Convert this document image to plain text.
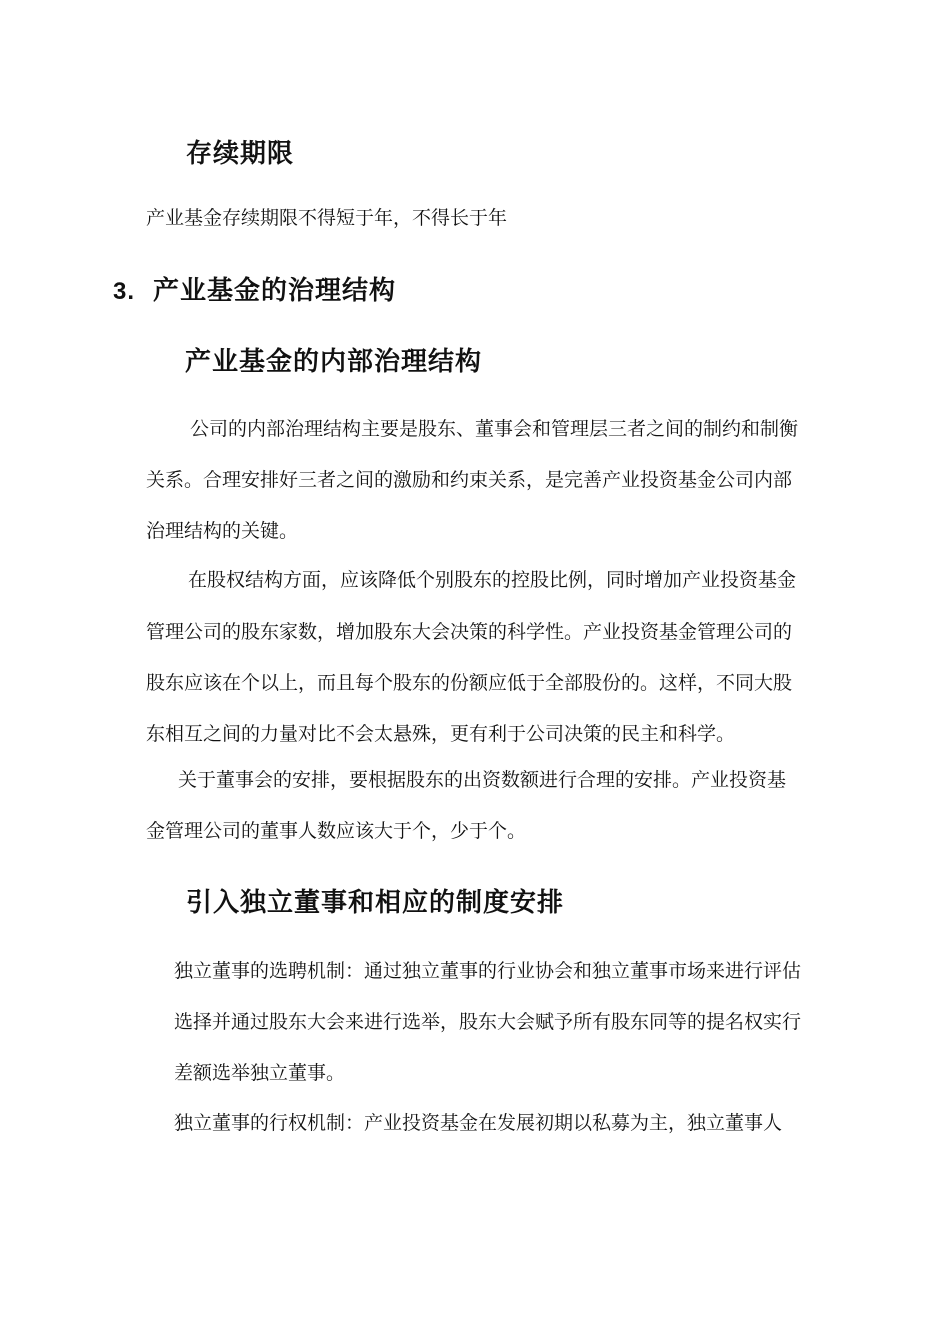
存续期限

产业基金存续期限不得短于年，不得长于年

3. 产业基金的治理结构
产业基金的内部治理结构
公司的内部治理结构主要是股东、董事会和管理层三者之间的制约和制衡
关系。合理安排好三者之间的激励和约束关系，是完善产业投资基金公司内部
治理结构的关键。
在股权结构方面，应该降低个别股东的控股比例，同时增加产业投资基金
管理公司的股东家数，增加股东大会决策的科学性。产业投资基金管理公司的
股东应该在个以上，而且每个股东的份额应低于全部股份的。这样，不同大股
东相互之间的力量对比不会太悬殊，更有利于公司决策的民主和科学。
关于董事会的安排，要根据股东的出资数额进行合理的安排。产业投资基
金管理公司的董事人数应该大于个，少于个。
引入独立董事和相应的制度安排
独立董事的选聘机制：通过独立董事的行业协会和独立董事市场来进行评估
选择并通过股东大会来进行选举，股东大会赋予所有股东同等的提名权实行
差额选举独立董事。
独立董事的行权机制：产业投资基金在发展初期以私募为主，独立董事人
